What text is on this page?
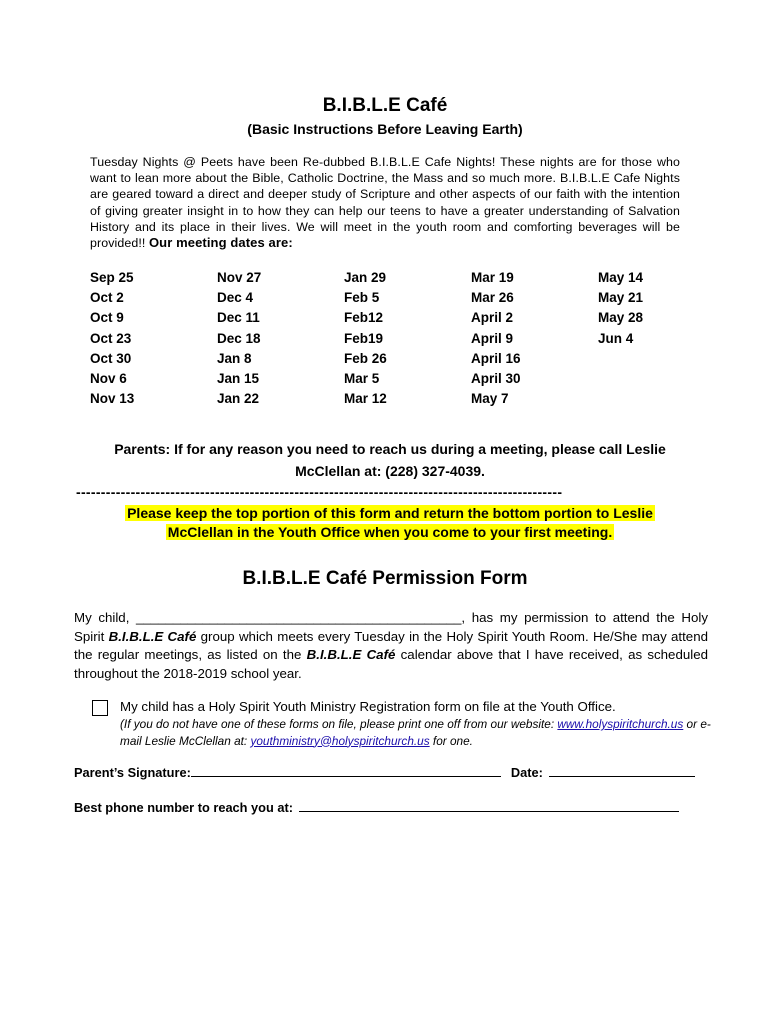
B.I.B.L.E Café
(Basic Instructions Before Leaving Earth)
Tuesday Nights @ Peets have been Re-dubbed B.I.B.L.E Cafe Nights! These nights are for those who want to lean more about the Bible, Catholic Doctrine, the Mass and so much more. B.I.B.L.E Cafe Nights are geared toward a direct and deeper study of Scripture and other aspects of our faith with the intention of giving greater insight in to how they can help our teens to have a greater understanding of Salvation History and its place in their lives. We will meet in the youth room and comforting beverages will be provided!! Our meeting dates are:
Sep 25
Oct 2
Oct 9
Oct 23
Oct 30
Nov 6
Nov 13
Nov 27
Dec 4
Dec 11
Dec 18
Jan 8
Jan 15
Jan 22
Jan 29
Feb 5
Feb12
Feb19
Feb 26
Mar 5
Mar 12
Mar 19
Mar 26
April 2
April 9
April 16
April 30
May 7
May 14
May 21
May 28
Jun 4
Parents: If for any reason you need to reach us during a meeting, please call Leslie McClellan at: (228) 327-4039.
--------------------------------------------------------------------------------------------------
Please keep the top portion of this form and return the bottom portion to Leslie
McClellan in the Youth Office when you come to your first meeting.
B.I.B.L.E Café Permission Form
My child, ____________________________________________, has my permission to attend the Holy Spirit B.I.B.L.E Café group which meets every Tuesday in the Holy Spirit Youth Room. He/She may attend the regular meetings, as listed on the B.I.B.L.E Café calendar above that I have received, as scheduled throughout the 2018-2019 school year.
My child has a Holy Spirit Youth Ministry Registration form on file at the Youth Office.
(If you do not have one of these forms on file, please print one off from our website: www.holyspiritchurch.us or e-mail Leslie McClellan at: youthministry@holyspiritchurch.us for one.
Parent’s Signature:	Date:
Best phone number to reach you at:
